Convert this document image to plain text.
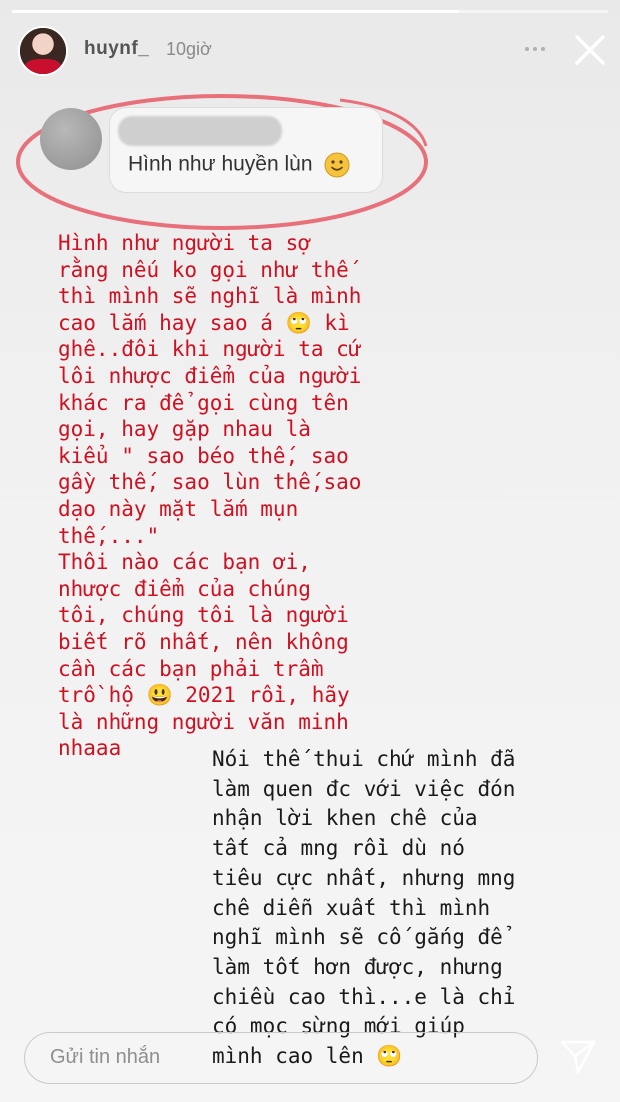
huynf_ 10giờ
Hình như huyền lùn
Hình như người ta sợ
rằng nếu ko gọi như thế
thì mình sẽ nghĩ là mình
cao lắm hay sao á 🙄 kì
ghê..đôi khi người ta cứ
lôi nhược điểm của người
khác ra để gọi cùng tên
gọi, hay gặp nhau là
kiểu " sao béo thế, sao
gầy thế, sao lùn thế,sao
dạo này mặt lắm mụn
thế,..."
Thôi nào các bạn ơi,
nhược điểm của chúng
tôi, chúng tôi là người
biết rõ nhất, nên không
cần các bạn phải trầm
trồ hộ 😃 2021 rồi, hãy
là những người văn minh
nhaaa	Nói thế thui chứ mình đã
làm quen đc với việc đón
nhận lời khen chê của
tất cả mng rồi dù nó
tiêu cực nhất, nhưng mng
chê diễn xuất thì mình
nghĩ mình sẽ cố gắng để
làm tốt hơn được, nhưng
chiều cao thì...e là chỉ
có mọc sừng mới giúp
mình cao lên 🙄
Gửi tin nhắn
